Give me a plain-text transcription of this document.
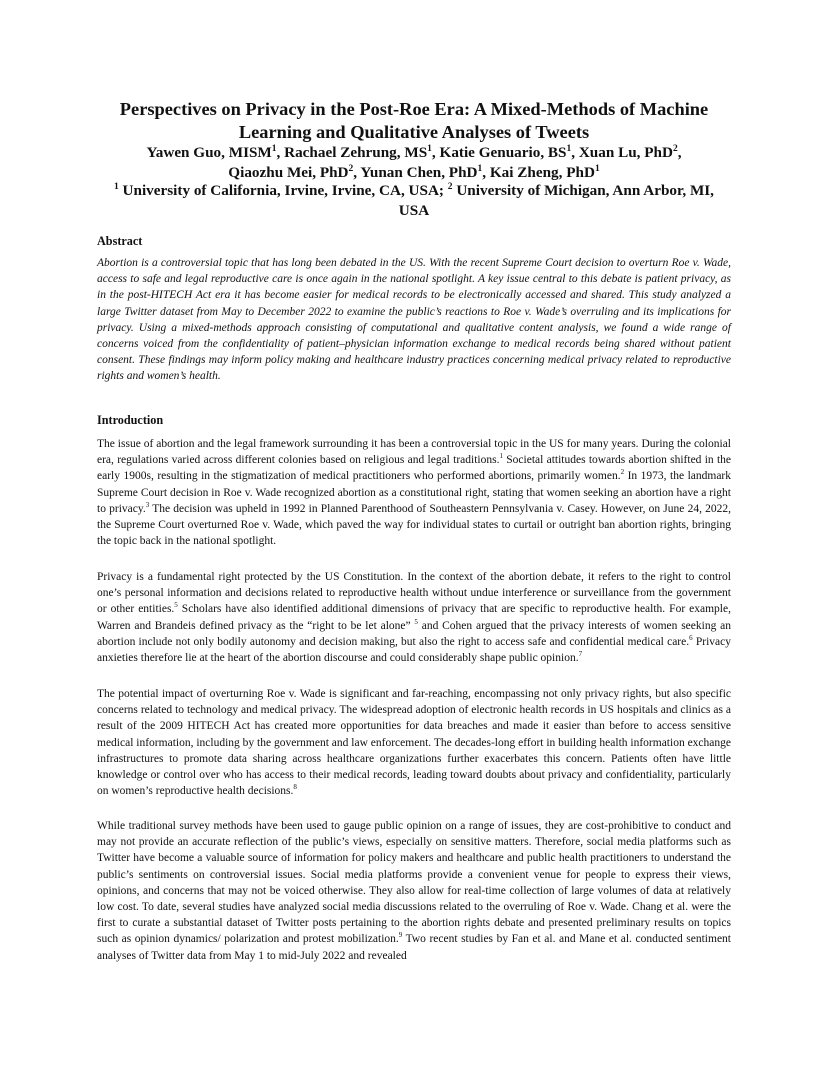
Perspectives on Privacy in the Post-Roe Era: A Mixed-Methods of Machine Learning and Qualitative Analyses of Tweets

Yawen Guo, MISM$^1$, Rachael Zehrung, $MS^1$, Katie Genuario, $BS^1$, Xuan Lu, PhD$^2$,
Qiaozhu Mei, PhD$^2$, Yunan Chen, PhD$^1$, Kai Zheng, PhD$^1$

$^1$ University of California, Irvine, Irvine, CA, USA; $^2$ University of Michigan, Ann Arbor, MI, USA

Abstract

Abortion is a controversial topic that has long been debated in the US. With the recent Supreme Court decision to overturn Roe v. Wade, access to safe and legal reproductive care is once again in the national spotlight. A key issue central to this debate is patient privacy, as in the post-HITECH Act era it has become easier for medical records to be electronically accessed and shared. This study analyzed a large Twitter dataset from May to December 2022 to examine the public’s reactions to Roe v. Wade’s overruling and its implications for privacy. Using a mixed-methods approach consisting of computational and qualitative content analysis, we found a wide range of concerns voiced from the confidentiality of patient–physician information exchange to medical records being shared without patient consent. These findings may inform policy making and healthcare industry practices concerning medical privacy related to reproductive rights and women’s health.

Introduction

The issue of abortion and the legal framework surrounding it has been a controversial topic in the US for many years. During the colonial era, regulations varied across different colonies based on religious and legal traditions.$^1$ Societal attitudes towards abortion shifted in the early 1900s, resulting in the stigmatization of medical practitioners who performed abortions, primarily women.$^2$ In 1973, the landmark Supreme Court decision in Roe v. Wade recognized abortion as a constitutional right, stating that women seeking an abortion have a right to privacy.$^3$ The decision was upheld in 1992 in Planned Parenthood of Southeastern Pennsylvania v. Casey. However, on June 24, 2022, the Supreme Court overturned Roe v. Wade, which paved the way for individual states to curtail or outright ban abortion rights, bringing the topic back in the national spotlight.

Privacy is a fundamental right protected by the US Constitution. In the context of the abortion debate, it refers to the right to control one’s personal information and decisions related to reproductive health without undue interference or surveillance from the government or other entities.$^5$ Scholars have also identified additional dimensions of privacy that are specific to reproductive health. For example, Warren and Brandeis defined privacy as the “right to be let alone” $^5$ and Cohen argued that the privacy interests of women seeking an abortion include not only bodily autonomy and decision making, but also the right to access safe and confidential medical care.$^6$ Privacy anxieties therefore lie at the heart of the abortion discourse and could considerably shape public opinion.$^7$

The potential impact of overturning Roe v. Wade is significant and far-reaching, encompassing not only privacy rights, but also specific concerns related to technology and medical privacy. The widespread adoption of electronic health records in US hospitals and clinics as a result of the 2009 HITECH Act has created more opportunities for data breaches and made it easier than before to access sensitive medical information, including by the government and law enforcement. The decades-long effort in building health information exchange infrastructures to promote data sharing across healthcare organizations further exacerbates this concern. Patients often have little knowledge or control over who has access to their medical records, leading toward doubts about privacy and confidentiality, particularly on women’s reproductive health decisions.$^8$

While traditional survey methods have been used to gauge public opinion on a range of issues, they are cost-prohibitive to conduct and may not provide an accurate reflection of the public’s views, especially on sensitive matters. Therefore, social media platforms such as Twitter have become a valuable source of information for policy makers and healthcare and public health practitioners to understand the public’s sentiments on controversial issues. Social media platforms provide a convenient venue for people to express their views, opinions, and concerns that may not be voiced otherwise. They also allow for real-time collection of large volumes of data at relatively low cost. To date, several studies have analyzed social media discussions related to the overruling of Roe v. Wade. Chang et al. were the first to curate a substantial dataset of Twitter posts pertaining to the abortion rights debate and presented preliminary results on topics such as opinion dynamics/ polarization and protest mobilization.$^9$ Two recent studies by Fan et al. and Mane et al. conducted sentiment analyses of Twitter data from May 1 to mid-July 2022 and revealed
